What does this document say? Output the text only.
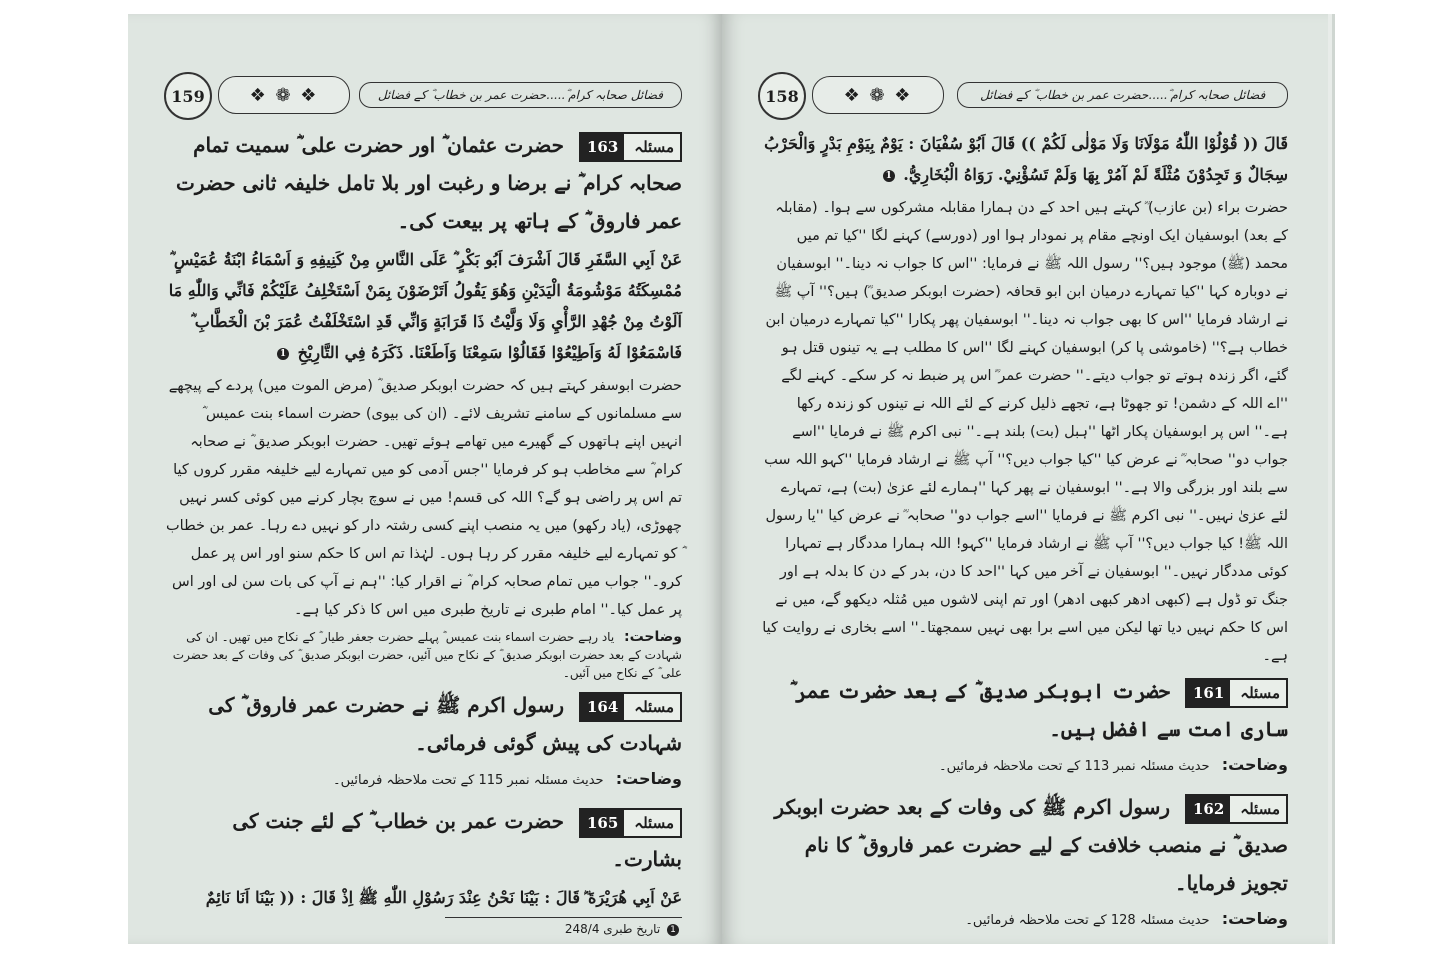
159	❖ ❁ ❖	فضائل صحابہ کرام ؓ.....حضرت عمر بن خطاب ؓ کے فضائل
مسئلہ
163
حضرت عثمان ؓ اور حضرت علی ؓ سمیت تمام صحابہ کرام ؓ نے برضا و رغبت اور بلا تامل خلیفہ ثانی حضرت عمر فاروق ؓ کے ہاتھ پر بیعت کی۔

عَنْ اَبِي السَّفَرِ قَالَ اَشْرَفَ اَبُو بَكْرٍ ؓ عَلَى النَّاسِ مِنْ كَنِيفِهِ وَ اَسْمَاءُ ابْنَةُ عُمَيْسٍ ؓ مُمْسِكَتُهُ مَوْشُومَةُ الْيَدَيْنِ وَهُوَ يَقُولُ اَتَرْضَوْنَ بِمَنْ اَسْتَخْلِفُ عَلَيْكُمْ فَانِّي وَاللّٰهِ مَا اَلَوْتُ مِنْ جُهْدِ الرَّأْيِ وَلَا وَلَّيْتُ ذَا قَرَابَةٍ وَانِّي قَدِ اسْتَخْلَفْتُ عُمَرَ بْنَ الْخَطَّابِ ؓ فَاسْمَعُوْا لَهُ وَاَطِيْعُوْا فَقَالُوْا سَمِعْنَا وَاَطَعْنَا. ذَكَرَهُ فِي التَّارِيْخِ 1

حضرت ابوسفر کہتے ہیں کہ حضرت ابوبکر صدیق ؓ (مرض الموت میں) پردے کے پیچھے سے مسلمانوں کے سامنے تشریف لائے۔ (ان کی بیوی) حضرت اسماء بنت عمیس ؓ انہیں اپنے ہاتھوں کے گھیرے میں تھامے ہوئے تھیں۔ حضرت ابوبکر صدیق ؓ نے صحابہ کرام ؓ سے مخاطب ہو کر فرمایا ''جس آدمی کو میں تمہارے لیے خلیفہ مقرر کروں کیا تم اس پر راضی ہو گے؟ اللہ کی قسم! میں نے سوچ بچار کرنے میں کوئی کسر نہیں چھوڑی، (یاد رکھو) میں یہ منصب اپنے کسی رشتہ دار کو نہیں دے رہا۔ عمر بن خطاب ؓ کو تمہارے لیے خلیفہ مقرر کر رہا ہوں۔ لہٰذا تم اس کا حکم سنو اور اس پر عمل کرو۔'' جواب میں تمام صحابہ کرام ؓ نے اقرار کیا: ''ہم نے آپ کی بات سن لی اور اس پر عمل کیا۔'' امام طبری نے تاریخ طبری میں اس کا ذکر کیا ہے۔

وضاحت: یاد رہے حضرت اسماء بنت عمیس ؓ پہلے حضرت جعفر طیار ؓ کے نکاح میں تھیں۔ ان کی شہادت کے بعد حضرت ابوبکر صدیق ؓ کے نکاح میں آئیں، حضرت ابوبکر صدیق ؓ کی وفات کے بعد حضرت علی ؓ کے نکاح میں آئیں۔

مسئلہ
164
رسول اکرم ﷺ نے حضرت عمر فاروق ؓ کی شہادت کی پیش گوئی فرمائی۔

وضاحت: حدیث مسئلہ نمبر 115 کے تحت ملاحظہ فرمائیں۔

مسئلہ
165
حضرت عمر بن خطاب ؓ کے لئے جنت کی بشارت۔

عَنْ اَبِي هُرَيْرَةَ ؓ قَالَ : بَيْنَا نَحْنُ عِنْدَ رَسُوْلِ اللّٰهِ ﷺ اِذْ قَالَ : (( بَيْنَا اَنَا نَائِمٌ

1 تاریخ طبری 248/4
158	❖ ❁ ❖	فضائل صحابہ کرام ؓ.....حضرت عمر بن خطاب ؓ کے فضائل

قَالَ (( قُوْلُوْا اللّٰهُ مَوْلَانَا وَلَا مَوْلٰى لَكُمْ )) قَالَ اَبُوْ سُفْيَانَ : يَوْمٌ بِيَوْمِ بَدْرٍ وَالْحَرْبُ سِجَالٌ وَ تَجِدُوْنَ مُثْلَةً لَمْ آمُرْ بِهَا وَلَمْ تَسُؤْنِيْ. رَوَاهُ الْبُخَارِيُّ. 1

حضرت براء (بن عازب) ؓ کہتے ہیں احد کے دن ہمارا مقابلہ مشرکوں سے ہوا۔ (مقابلہ کے بعد) ابوسفیان ایک اونچے مقام پر نمودار ہوا اور (دورسے) کہنے لگا ''کیا تم میں محمد (ﷺ) موجود ہیں؟'' رسول اللہ ﷺ نے فرمایا: ''اس کا جواب نہ دینا۔'' ابوسفیان نے دوبارہ کہا ''کیا تمہارے درمیان ابن ابو قحافہ (حضرت ابوبکر صدیق ؓ) ہیں؟'' آپ ﷺ نے ارشاد فرمایا ''اس کا بھی جواب نہ دینا۔'' ابوسفیان پھر پکارا ''کیا تمہارے درمیان ابن خطاب ہے؟'' (خاموشی پا کر) ابوسفیان کہنے لگا ''اس کا مطلب ہے یہ تینوں قتل ہو گئے، اگر زندہ ہوتے تو جواب دیتے۔'' حضرت عمر ؓ اس پر ضبط نہ کر سکے۔ کہنے لگے ''اے اللہ کے دشمن! تو جھوٹا ہے، تجھے ذلیل کرنے کے لئے اللہ نے تینوں کو زندہ رکھا ہے۔'' اس پر ابوسفیان پکار اٹھا ''ہبل (بت) بلند ہے۔'' نبی اکرم ﷺ نے فرمایا ''اسے جواب دو'' صحابہ ؓ نے عرض کیا ''کیا جواب دیں؟'' آپ ﷺ نے ارشاد فرمایا ''کہو اللہ سب سے بلند اور بزرگی والا ہے۔'' ابوسفیان نے پھر کہا ''ہمارے لئے عزیٰ (بت) ہے، تمہارے لئے عزیٰ نہیں۔'' نبی اکرم ﷺ نے فرمایا ''اسے جواب دو'' صحابہ ؓ نے عرض کیا ''یا رسول اللہ ﷺ! کیا جواب دیں؟'' آپ ﷺ نے ارشاد فرمایا ''کہو! اللہ ہمارا مددگار ہے تمہارا کوئی مددگار نہیں۔'' ابوسفیان نے آخر میں کہا ''احد کا دن، بدر کے دن کا بدلہ ہے اور جنگ تو ڈول ہے (کبھی ادھر کبھی ادھر) اور تم اپنی لاشوں میں مُثلہ دیکھو گے، میں نے اس کا حکم نہیں دیا تھا لیکن میں اسے برا بھی نہیں سمجھتا۔'' اسے بخاری نے روایت کیا ہے۔

مسئلہ
161
حضرت ابوبکر صدیق ؓ کے بعد حضرت عمر ؓ ساری امت سے افضل ہیں۔

وضاحت: حدیث مسئلہ نمبر 113 کے تحت ملاحظہ فرمائیں۔

مسئلہ
162
رسول اکرم ﷺ کی وفات کے بعد حضرت ابوبکر صدیق ؓ نے منصب خلافت کے لیے حضرت عمر فاروق ؓ کا نام تجویز فرمایا۔

وضاحت: حدیث مسئلہ 128 کے تحت ملاحظہ فرمائیں۔
